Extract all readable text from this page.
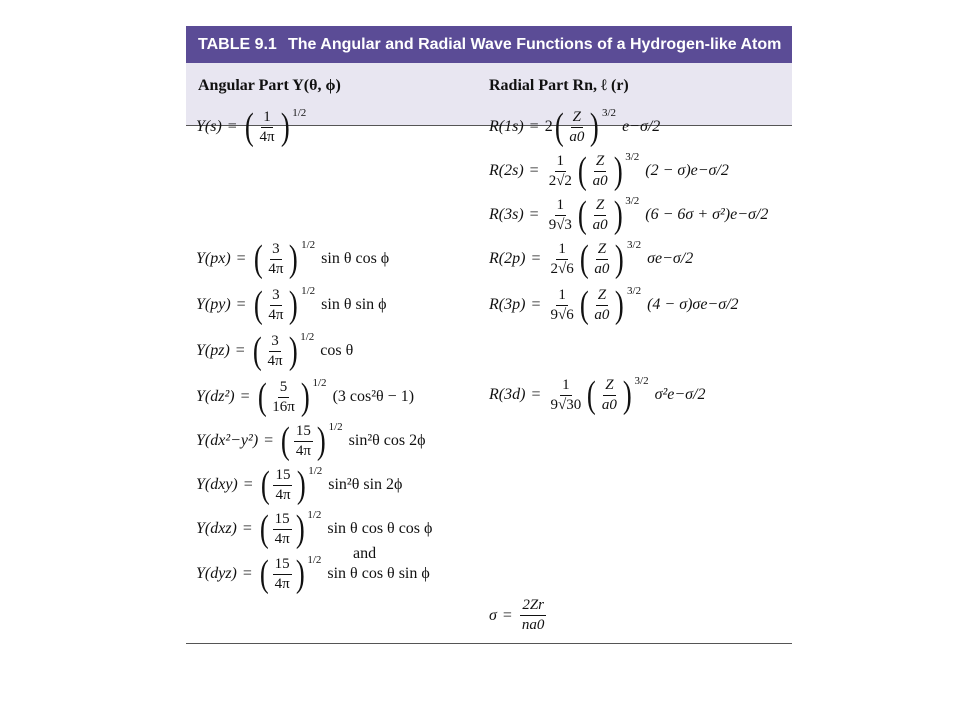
TABLE 9.1 The Angular and Radial Wave Functions of a Hydrogen-like Atom
Angular Part Y(θ, ϕ)	Radial Part Rn, ℓ (r)
Y(s) = ( $\frac{1}{4\pi}$ ) 1/2
Y(px) = ( $\frac{3}{4\pi}$ ) 1/2
sin θ cos ϕ
Y(py) = ( $\frac{3}{4\pi}$ ) 1/2
sin θ sin ϕ
Y(pz) = ( $\frac{3}{4\pi}$ ) 1/2
cos θ
Y(dz²) = ( $\frac{5}{16\pi}$ ) 1/2
(3 cos²θ − 1)
Y(dx²−y²) = ( $\frac{15}{4\pi}$ ) 1/2
sin²θ cos 2ϕ
Y(dxy) = ( $\frac{15}{4\pi}$ ) 1/2
sin²θ sin 2ϕ
Y(dxz) = ( $\frac{15}{4\pi}$ ) 1/2
sin θ cos θ cos ϕ
and
Y(dyz) = ( $\frac{15}{4\pi}$ ) 1/2
sin θ cos θ sin ϕ
R(1s) = 2 ( $\frac{Z}{a0}$ ) 3/2
e−σ/2
$R(2s) = \frac{1}{2√2}$ ( $\frac{Z}{a0}$ ) 3/2
(2 − σ)e−σ/2
$R(3s) = \frac{1}{9√3}$ ( $\frac{Z}{a0}$ ) 3/2
(6 − 6σ + σ²)e−σ/2
$R(2p) = \frac{1}{2√6}$ ( $\frac{Z}{a0}$ ) 3/2
σe−σ/2
$R(3p) = \frac{1}{9√6}$ ( $\frac{Z}{a0}$ ) 3/2
(4 − σ)σe−σ/2
$R(3d) = \frac{1}{9√30}$ ( $\frac{Z}{a0}$ ) 3/2
σ²e−σ/2
$\sigma = \frac{2Zr}{na0}$
